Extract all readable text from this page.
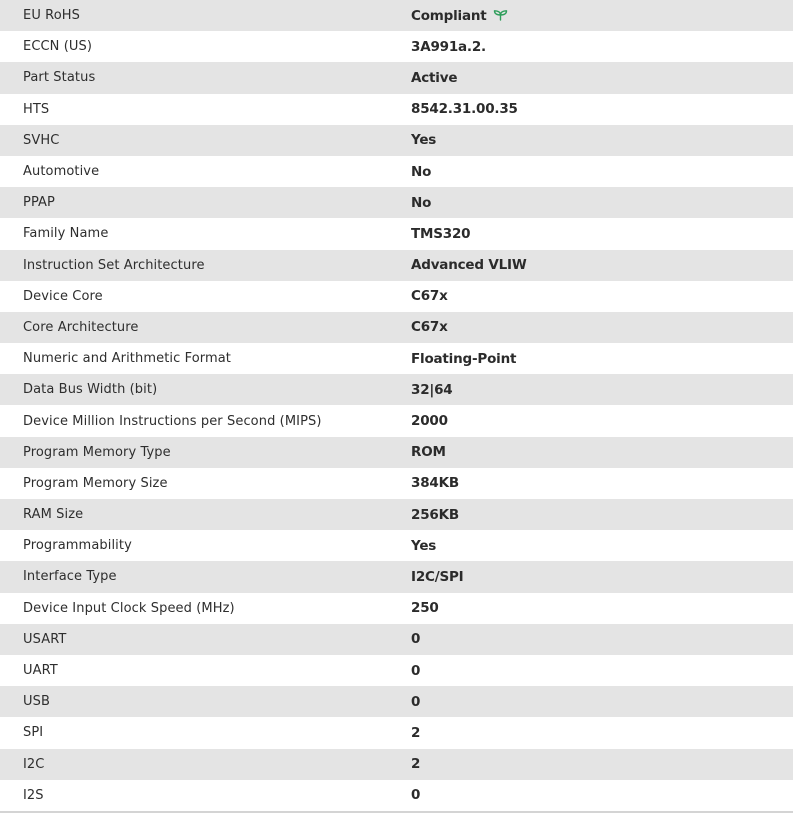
EU RoHS	Compliant
ECCN (US)	3A991a.2.
Part Status	Active
HTS	8542.31.00.35
SVHC	Yes
Automotive	No
PPAP	No
Family Name	TMS320
Instruction Set Architecture	Advanced VLIW
Device Core	C67x
Core Architecture	C67x
Numeric and Arithmetic Format	Floating-Point
Data Bus Width (bit)	32|64
Device Million Instructions per Second (MIPS)	2000
Program Memory Type	ROM
Program Memory Size	384KB
RAM Size	256KB
Programmability	Yes
Interface Type	I2C/SPI
Device Input Clock Speed (MHz)	250
USART	0
UART	0
USB	0
SPI	2
I2C	2
I2S	0
